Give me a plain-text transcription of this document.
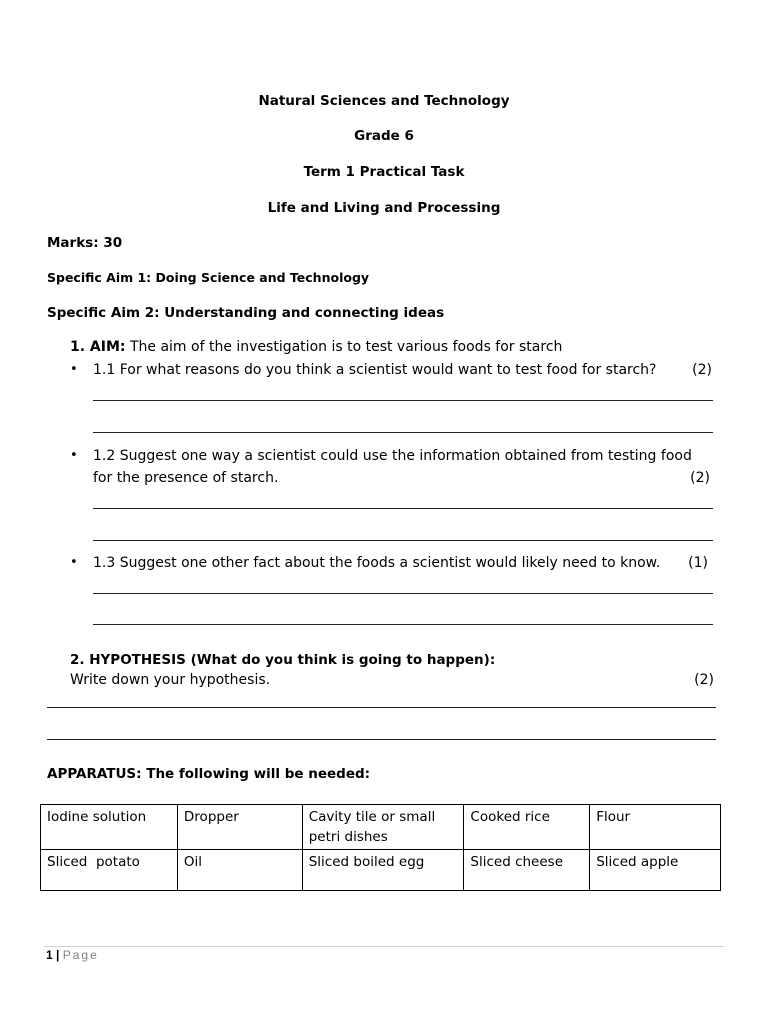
Natural Sciences and Technology
Grade 6
Term 1 Practical Task
Life and Living and Processing
Marks: 30
Specific Aim 1: Doing Science and Technology
Specific Aim 2: Understanding and connecting ideas
1. AIM: The aim of the investigation is to test various foods for starch
• 1.1 For what reasons do you think a scientist would want to test food for starch?	(2)
• 1.2 Suggest one way a scientist could use the information obtained from testing food
for the presence of starch.	(2)
• 1.3 Suggest one other fact about the foods a scientist would likely need to know. (1)
2. HYPOTHESIS (What do you think is going to happen):
Write down your hypothesis.	(2)
APPARATUS: The following will be needed:
Iodine solution	Dropper	Cavity tile or small petri dishes	Cooked rice	Flour
Sliced  potato	Oil	Sliced boiled egg	Sliced cheese	Sliced apple
1 | Page
